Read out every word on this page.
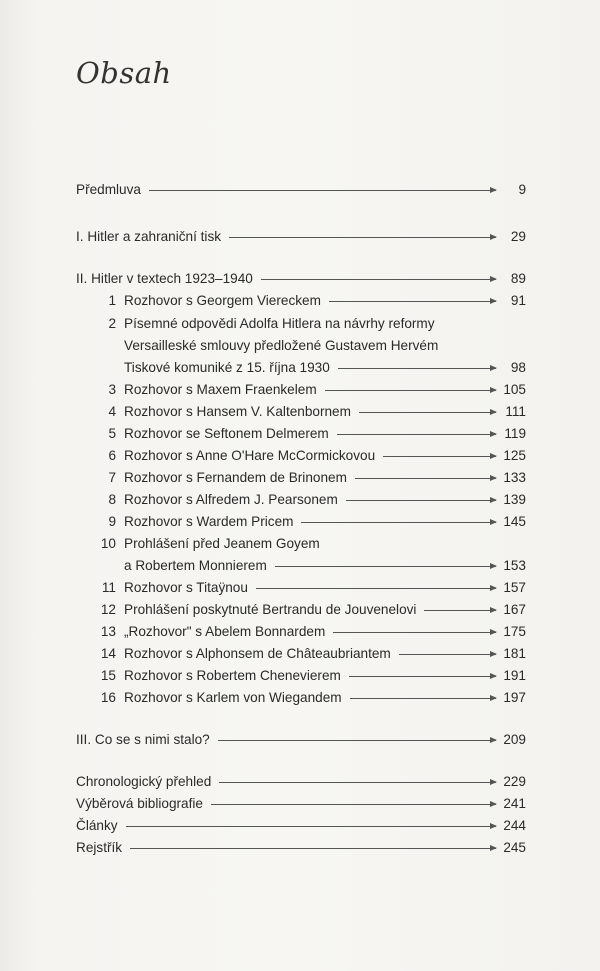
Obsah
Předmluva	9
I. Hitler a zahraniční tisk	29
II. Hitler v textech 1923–1940	89
1 Rozhovor s Georgem Viereckem	91
2 Písemné odpovědi Adolfa Hitlera na návrhy reformy
Versailleské smlouvy předložené Gustavem Hervém
Tiskové komuniké z 15. října 1930	98
3 Rozhovor s Maxem Fraenkelem	105
4 Rozhovor s Hansem V. Kaltenbornem	111
5 Rozhovor se Seftonem Delmerem	119
6 Rozhovor s Anne O'Hare McCormickovou	125
7 Rozhovor s Fernandem de Brinonem	133
8 Rozhovor s Alfredem J. Pearsonem	139
9 Rozhovor s Wardem Pricem	145
10 Prohlášení před Jeanem Goyem
a Robertem Monnierem	153
11 Rozhovor s Titaÿnou	157
12 Prohlášení poskytnuté Bertrandu de Jouvenelovi	167
13 „Rozhovor" s Abelem Bonnardem	175
14 Rozhovor s Alphonsem de Châteaubriantem	181
15 Rozhovor s Robertem Chenevierem	191
16 Rozhovor s Karlem von Wiegandem	197
III. Co se s nimi stalo?	209
Chronologický přehled	229
Výběrová bibliografie	241
Články	244
Rejstřík	245
